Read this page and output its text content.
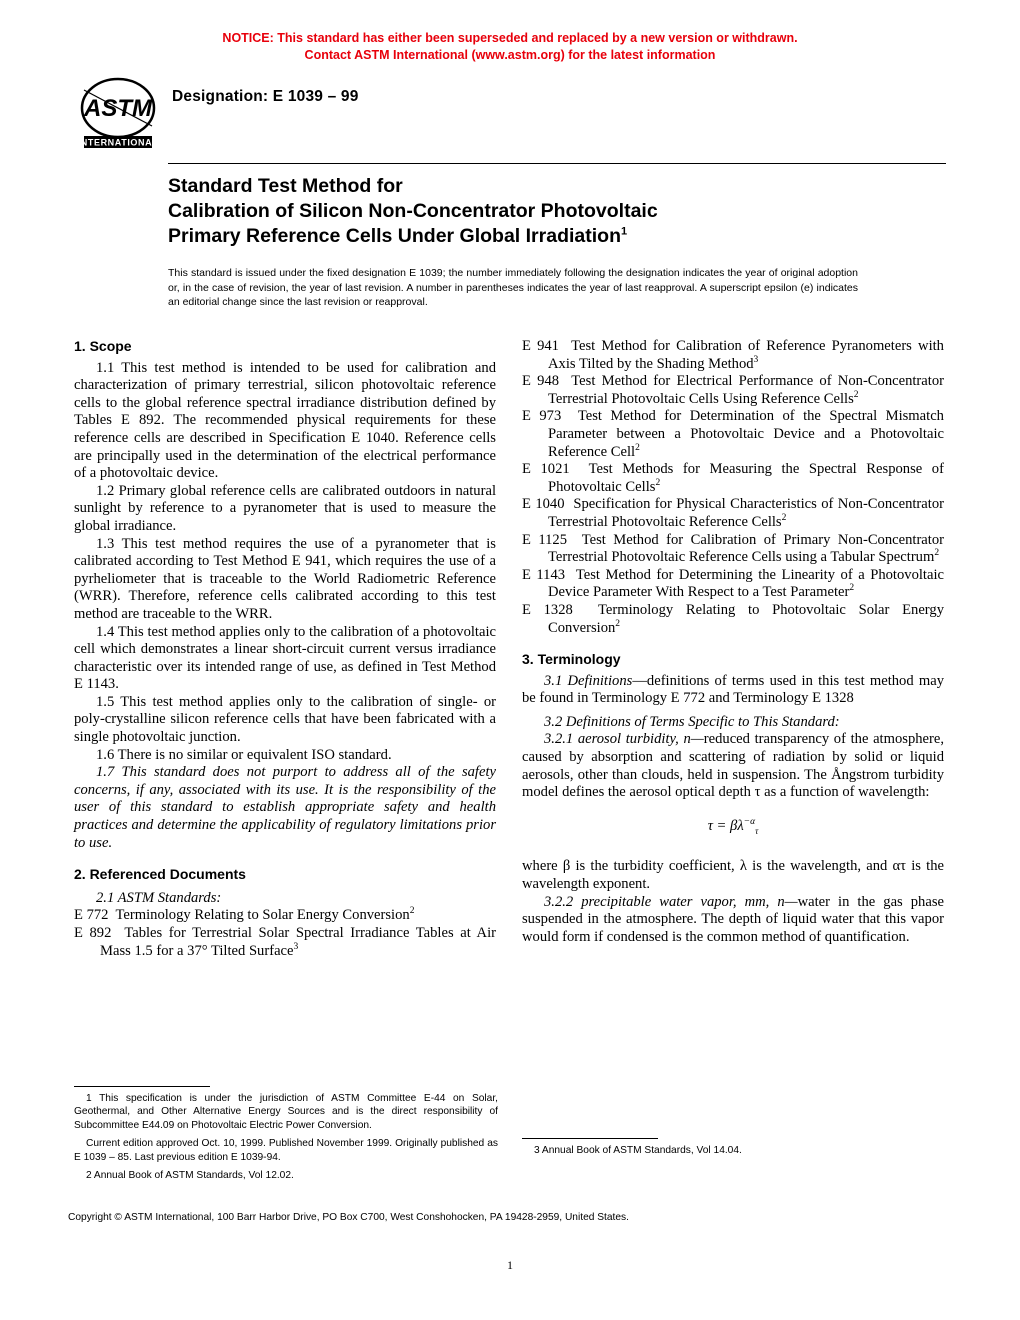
NOTICE: This standard has either been superseded and replaced by a new version or withdrawn.
Contact ASTM International (www.astm.org) for the latest information
ASTM
INTERNATIONAL
Designation: E 1039 – 99
Standard Test Method for
Calibration of Silicon Non-Concentrator Photovoltaic
Primary Reference Cells Under Global Irradiation$^1$
This standard is issued under the fixed designation E 1039; the number immediately following the designation indicates the year of original adoption or, in the case of revision, the year of last revision. A number in parentheses indicates the year of last reapproval. A superscript epsilon (e) indicates an editorial change since the last revision or reapproval.
1. Scope

1.1 This test method is intended to be used for calibration and characterization of primary terrestrial, silicon photovoltaic reference cells to the global reference spectral irradiance distribution defined by Tables E 892. The recommended physical requirements for these reference cells are described in Specification E 1040. Reference cells are principally used in the determination of the electrical performance of a photovoltaic device.

1.2 Primary global reference cells are calibrated outdoors in natural sunlight by reference to a pyranometer that is used to measure the global irradiance.

1.3 This test method requires the use of a pyranometer that is calibrated according to Test Method E 941, which requires the use of a pyrheliometer that is traceable to the World Radiometric Reference (WRR). Therefore, reference cells calibrated according to this test method are traceable to the WRR.

1.4 This test method applies only to the calibration of a photovoltaic cell which demonstrates a linear short-circuit current versus irradiance characteristic over its intended range of use, as defined in Test Method E 1143.

1.5 This test method applies only to the calibration of single- or poly-crystalline silicon reference cells that have been fabricated with a single photovoltaic junction.

1.6 There is no similar or equivalent ISO standard.

1.7 This standard does not purport to address all of the safety concerns, if any, associated with its use. It is the responsibility of the user of this standard to establish appropriate safety and health practices and determine the applicability of regulatory limitations prior to use.

2. Referenced Documents

2.1 ASTM Standards:

E 772 Terminology Relating to Solar Energy Conversion$^2$

E 892 Tables for Terrestrial Solar Spectral Irradiance Tables at Air Mass 1.5 for a 37° Tilted Surface$^3$

E 941 Test Method for Calibration of Reference Pyranometers with Axis Tilted by the Shading Method$^3$

E 948 Test Method for Electrical Performance of Non-Concentrator Terrestrial Photovoltaic Cells Using Reference Cells$^2$

E 973 Test Method for Determination of the Spectral Mismatch Parameter between a Photovoltaic Device and a Photovoltaic Reference Cell$^2$

E 1021 Test Methods for Measuring the Spectral Response of Photovoltaic Cells$^2$

E 1040 Specification for Physical Characteristics of Non-Concentrator Terrestrial Photovoltaic Reference Cells$^2$

E 1125 Test Method for Calibration of Primary Non-Concentrator Terrestrial Photovoltaic Reference Cells using a Tabular Spectrum$^2$

E 1143 Test Method for Determining the Linearity of a Photovoltaic Device Parameter With Respect to a Test Parameter$^2$

E 1328 Terminology Relating to Photovoltaic Solar Energy Conversion$^2$

3. Terminology

3.1 Definitions—definitions of terms used in this test method may be found in Terminology E 772 and Terminology E 1328

3.2 Definitions of Terms Specific to This Standard:

3.2.1 aerosol turbidity, n—reduced transparency of the atmosphere, caused by absorption and scattering of radiation by solid or liquid aerosols, other than clouds, held in suspension. The Ångstrom turbidity model defines the aerosol optical depth τ as a function of wavelength:

$\tau = \beta\lambda^{-\alpha}_\tau$

where β is the turbidity coefficient, λ is the wavelength, and ατ is the wavelength exponent.

3.2.2 precipitable water vapor, mm, n—water in the gas phase suspended in the atmosphere. The depth of liquid water that this vapor would form if condensed is the common method of quantification.

1 This specification is under the jurisdiction of ASTM Committee E-44 on Solar, Geothermal, and Other Alternative Energy Sources and is the direct responsibility of Subcommittee E44.09 on Photovoltaic Electric Power Conversion.

Current edition approved Oct. 10, 1999. Published November 1999. Originally published as E 1039 – 85. Last previous edition E 1039-94.

2 Annual Book of ASTM Standards, Vol 12.02.

3 Annual Book of ASTM Standards, Vol 14.04.

Copyright © ASTM International, 100 Barr Harbor Drive, PO Box C700, West Conshohocken, PA 19428-2959, United States.
1
